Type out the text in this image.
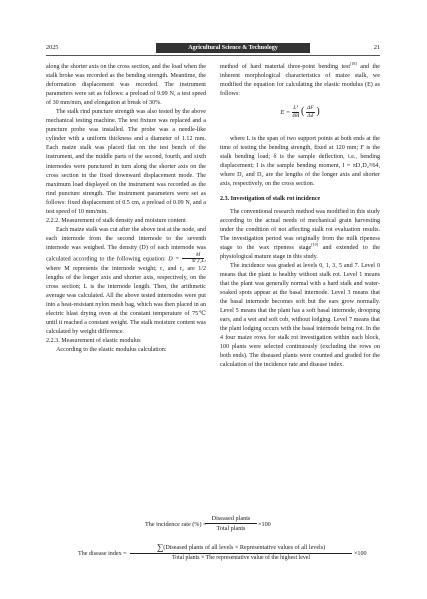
2025	Agricultural Science & Technology	21

along the shorter axis on the cross section, and the load when the stalk broke was recorded as the bending strength. Meantime, the deformation displacement was recorded. The instrument parameters were set as follows: a preload of 9.99 N, a test speed of 30 mm/min, and elongation at break of 30%.

The stalk rind puncture strength was also tested by the above mechanical testing machine. The test fixture was replaced and a puncture probe was installed. The probe was a needle-like cylinder with a uniform thickness and a diameter of 1.12 mm. Each maize stalk was placed flat on the test bench of the instrument, and the middle parts of the second, fourth, and sixth internodes were punctured in turn along the shorter axis on the cross section in the fixed downward displacement mode. The maximum load displayed on the instrument was recorded as the rind puncture strength. The instrument parameters were set as follows: fixed displacement of 0.5 cm, a preload of 0.09 N, and a test speed of 10 mm/min.

2.2.2. Measurement of stalk density and moisture content

Each maize stalk was cut after the above test at the node, and each internode from the second internode to the seventh internode was weighed. The density (D) of each internode was calculated according to the following equation: $D = \frac{M}{\text{πr₁r₂L}}$ , where M represents the internode weight; r₁ and r₂ are 1/2 lengths of the longer axis and shorter axis, respectively, on the cross section; L is the internode length. Then, the arithmetic average was calculated. All the above tested internodes were put into a heat-resistant nylon mesh bag, which was then placed in an electric blast drying oven at the constant temperature of 75℃ until it reached a constant weight. The stalk moisture content was calculated by weight difference.

2.2.3. Measurement of elastic modulus

According to the elastic modulus calculation:

method of hard material three-point bending test[18] and the inherent morphological characteristics of maize stalk, we modified the equation for calculating the elastic modulus (E) as follows:

$E = \frac{\text{L³}}{48I}$ ( $\frac{\Delta F}{\Delta\delta}$ )

where L is the span of two support points at both ends at the time of testing the bending strength, fixed at 120 mm; F is the stalk bending load; δ is the sample deflection, i.e., bending displacement; I is the sample bending moment, I = πD₁D₂³/64, where D₁ and D₂ are the lengths of the longer axis and shorter axis, respectively, on the cross section.

2.3. Investigation of stalk rot incidence

The conventional research method was modified in this study according to the actual needs of mechanical grain harvesting under the condition of not affecting stalk rot evaluation results. The investigation period was originally from the milk ripeness stage to the wax ripeness stage[19] and extended to the physiological mature stage in this study.

The incidence was graded at levels 0, 1, 3, 5 and 7. Level 0 means that the plant is healthy without stalk rot. Level 1 means that the plant was generally normal with a hard stalk and water-soaked spots appear at the basal internode. Level 3 means that the basal internode becomes soft but the ears grow normally. Level 5 means that the plant has a soft basal internode, drooping ears, and a wet and soft cob, without lodging. Level 7 means that the plant lodging occurs with the basal internode being rot. In the 4 four maize rows for stalk rot investigation within each block, 100 plants were selected continuously (excluding the rows on both ends). The diseased plants were counted and graded for the calculation of the incidence rate and disease index.

The incidence rate (%) =
Diseased plants
Total plants
×100
The disease index =
∑(Diseased plants of all levels × Representative values of all levels)
Total plants × The representative value of the highest level
×100
